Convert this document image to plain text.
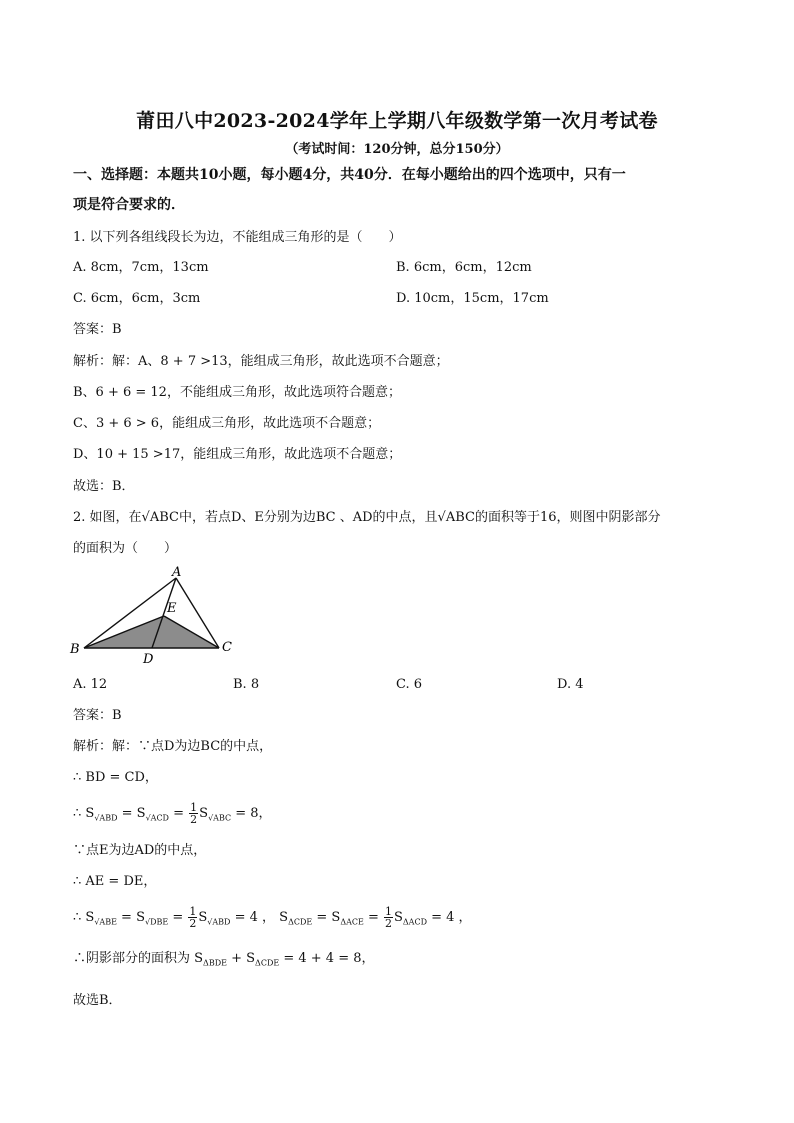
莆田八中2023-2024学年上学期八年级数学第一次月考试卷
（考试时间：120分钟，总分150分）
一、选择题：本题共10小题，每小题4分，共40分．在每小题给出的四个选项中，只有一
项是符合要求的．
1. 以下列各组线段长为边，不能组成三角形的是（　　）
A. 8cm，7cm，13cm	B. 6cm，6cm，12cm
C. 6cm，6cm，3cm	D. 10cm，15cm，17cm
答案：B
解析：解：A、8 + 7 >13，能组成三角形，故此选项不合题意；
B、6 + 6 = 12，不能组成三角形，故此选项符合题意；
C、3 + 6 > 6，能组成三角形，故此选项不合题意；
D、10 + 15 >17，能组成三角形，故此选项不合题意；
故选：B．
2. 如图，在√ABC中，若点D、E分别为边BC 、AD的中点，且√ABC的面积等于16，则图中阴影部分
的面积为（　　）
A
B	C
D
E
A. 12	B. 8	C. 6	D. 4
答案：B
解析：解：∵点D为边BC的中点，
∴ BD = CD，
∴ $S_{√ABD} = S_{√ACD} = \frac{1}{2} S_{√ABC} = 8$，
∵点E为边AD的中点，
∴ AE = DE，
∴ $S_{√ABE} = S_{√DBE} = \frac{1}{2} S_{√ABD} = 4$ ， $S_{\Delta CDE} = S_{\Delta ACE} = \frac{1}{2} S_{\Delta ACD} = 4$ ，
∴阴影部分的面积为 $S_{\Delta BDE} + S_{\Delta CDE} = 4 + 4 = 8$，
故选B．
